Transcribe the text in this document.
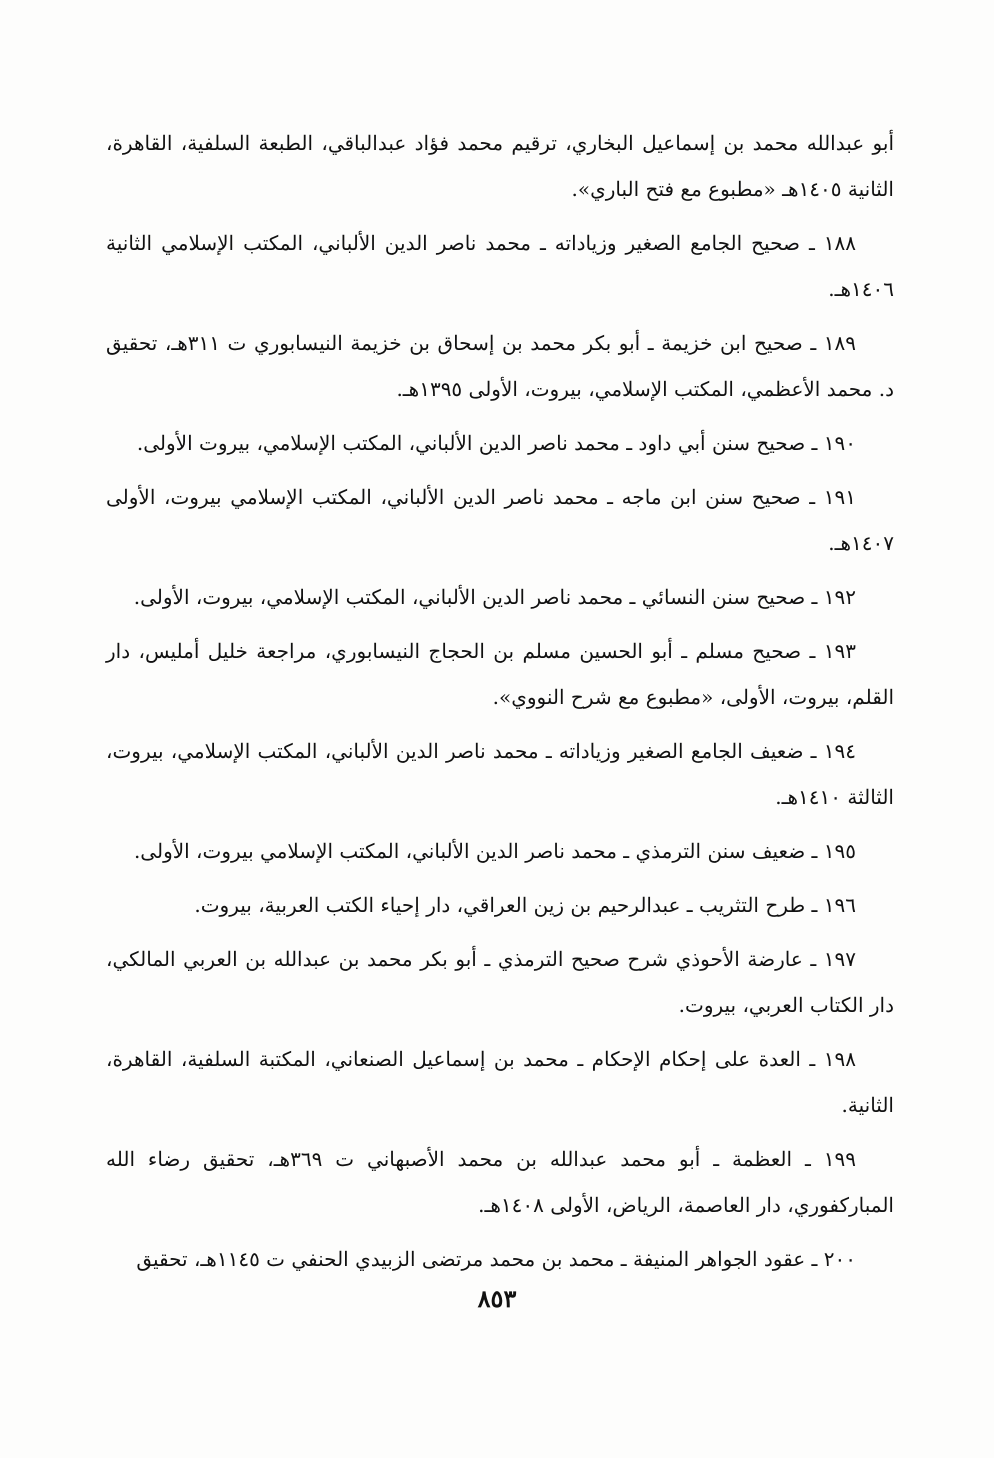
أبو عبدالله محمد بن إسماعيل البخاري، ترقيم محمد فؤاد عبدالباقي، الطبعة السلفية، القاهرة، الثانية ١٤٠٥هـ «مطبوع مع فتح الباري».

١٨٨ ـ صحيح الجامع الصغير وزياداته ـ محمد ناصر الدين الألباني، المكتب الإسلامي الثانية ١٤٠٦هـ.

١٨٩ ـ صحيح ابن خزيمة ـ أبو بكر محمد بن إسحاق بن خزيمة النيسابوري ت ٣١١هـ، تحقيق د. محمد الأعظمي، المكتب الإسلامي، بيروت، الأولى ١٣٩٥هـ.

١٩٠ ـ صحيح سنن أبي داود ـ محمد ناصر الدين الألباني، المكتب الإسلامي، بيروت الأولى.

١٩١ ـ صحيح سنن ابن ماجه ـ محمد ناصر الدين الألباني، المكتب الإسلامي بيروت، الأولى ١٤٠٧هـ.

١٩٢ ـ صحيح سنن النسائي ـ محمد ناصر الدين الألباني، المكتب الإسلامي، بيروت، الأولى.

١٩٣ ـ صحيح مسلم ـ أبو الحسين مسلم بن الحجاج النيسابوري، مراجعة خليل أمليس، دار القلم، بيروت، الأولى، «مطبوع مع شرح النووي».

١٩٤ ـ ضعيف الجامع الصغير وزياداته ـ محمد ناصر الدين الألباني، المكتب الإسلامي، بيروت، الثالثة ١٤١٠هـ.

١٩٥ ـ ضعيف سنن الترمذي ـ محمد ناصر الدين الألباني، المكتب الإسلامي بيروت، الأولى.

١٩٦ ـ طرح التثريب ـ عبدالرحيم بن زين العراقي، دار إحياء الكتب العربية، بيروت.

١٩٧ ـ عارضة الأحوذي شرح صحيح الترمذي ـ أبو بكر محمد بن عبدالله بن العربي المالكي، دار الكتاب العربي، بيروت.

١٩٨ ـ العدة على إحكام الإحكام ـ محمد بن إسماعيل الصنعاني، المكتبة السلفية، القاهرة، الثانية.

١٩٩ ـ العظمة ـ أبو محمد عبدالله بن محمد الأصبهاني ت ٣٦٩هـ، تحقيق رضاء الله المباركفوري، دار العاصمة، الرياض، الأولى ١٤٠٨هـ.

٢٠٠ ـ عقود الجواهر المنيفة ـ محمد بن محمد مرتضى الزبيدي الحنفي ت ١١٤٥هـ، تحقيق

٨٥٣
